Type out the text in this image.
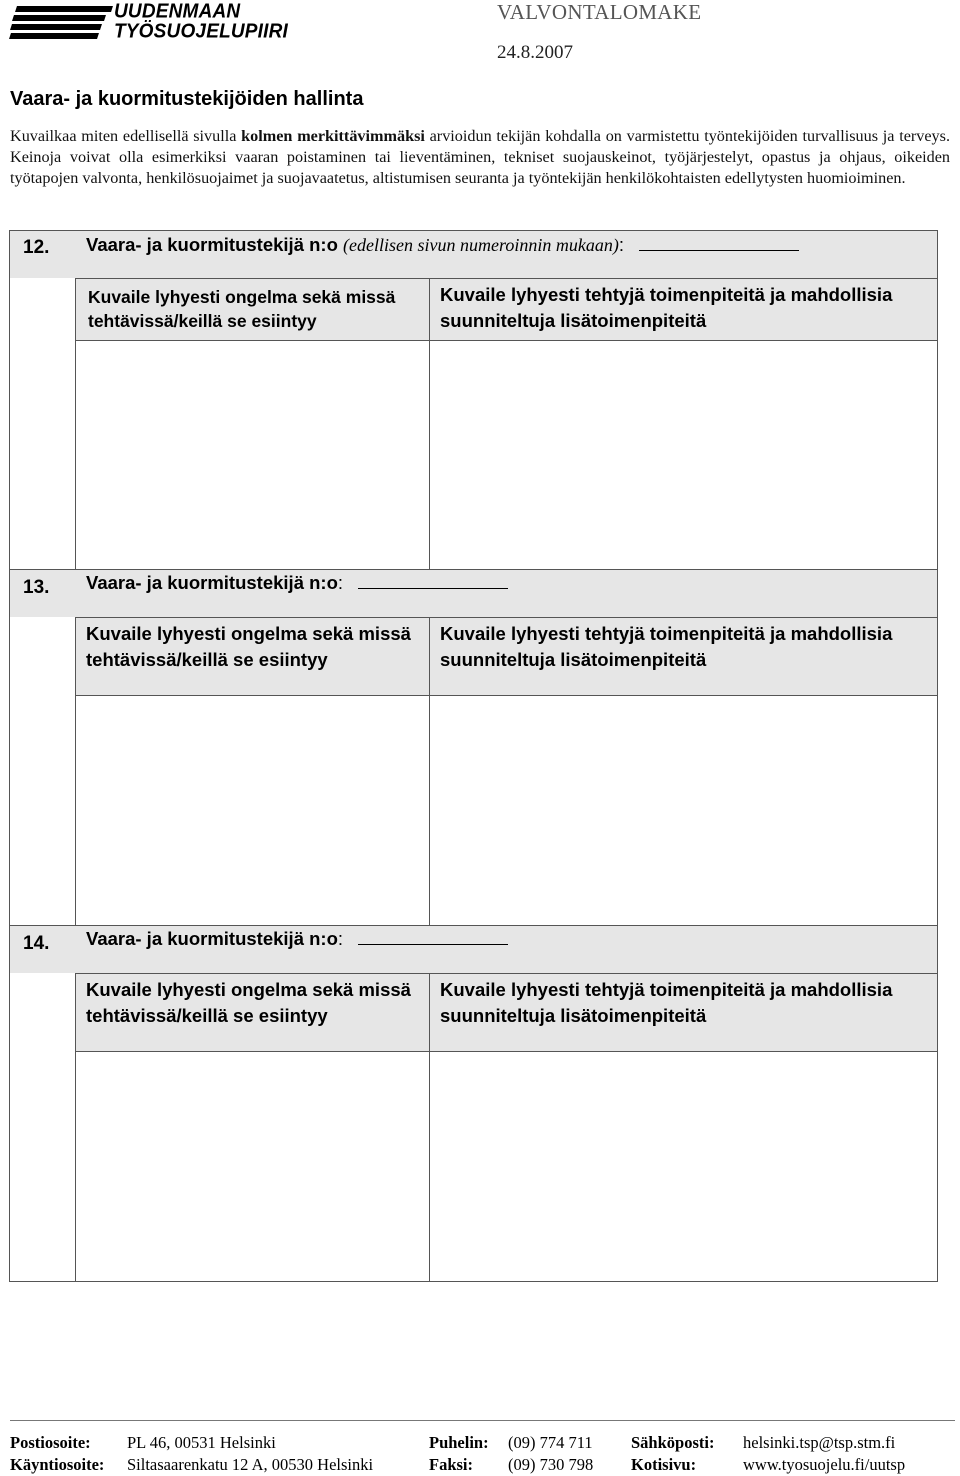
UUDENMAAN
TYÖSUOJELUPIIRI
VALVONTALOMAKE
24.8.2007
Vaara- ja kuormitustekijöiden hallinta
Kuvailkaa miten edellisellä sivulla kolmen merkittävimmäksi arvioidun tekijän kohdalla on varmistettu työntekijöiden turvallisuus ja terveys. Keinoja voivat olla esimerkiksi vaaran poistaminen tai lieventäminen, tekniset suojauskeinot, työjärjestelyt, opastus ja ohjaus, oikeiden työtapojen valvonta, henkilösuojaimet ja suojavaatetus, altistumisen seuranta ja työntekijän henkilökohtaisten edellytysten huomioiminen.
12. Vaara- ja kuormitustekijä n:o (edellisen sivun numeroinnin mukaan):
Kuvaile lyhyesti ongelma sekä missä tehtävissä/keillä se esiintyy
Kuvaile lyhyesti tehtyjä toimenpiteitä ja mahdollisia suunniteltuja lisätoimenpiteitä
13. Vaara- ja kuormitustekijä n:o:
Kuvaile lyhyesti ongelma sekä missä tehtävissä/keillä se esiintyy
Kuvaile lyhyesti tehtyjä toimenpiteitä ja mahdollisia suunniteltuja lisätoimenpiteitä
14. Vaara- ja kuormitustekijä n:o:
Kuvaile lyhyesti ongelma sekä missä tehtävissä/keillä se esiintyy
Kuvaile lyhyesti tehtyjä toimenpiteitä ja mahdollisia suunniteltuja lisätoimenpiteitä
Postiosoite: PL 46, 00531 Helsinki	Puhelin: (09) 774 711 Sähköposti: helsinki.tsp@tsp.stm.fi
Käyntiosoite: Siltasaarenkatu 12 A, 00530 Helsinki	Faksi: (09) 730 798 Kotisivu:	www.tyosuojelu.fi/uutsp
